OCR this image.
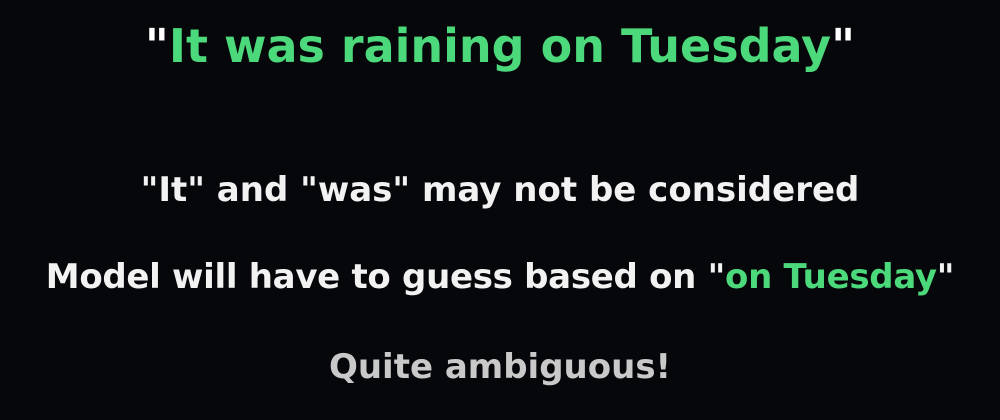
"It was raining on Tuesday"
"It" and "was" may not be considered
Model will have to guess based on "on Tuesday"
Quite ambiguous!
